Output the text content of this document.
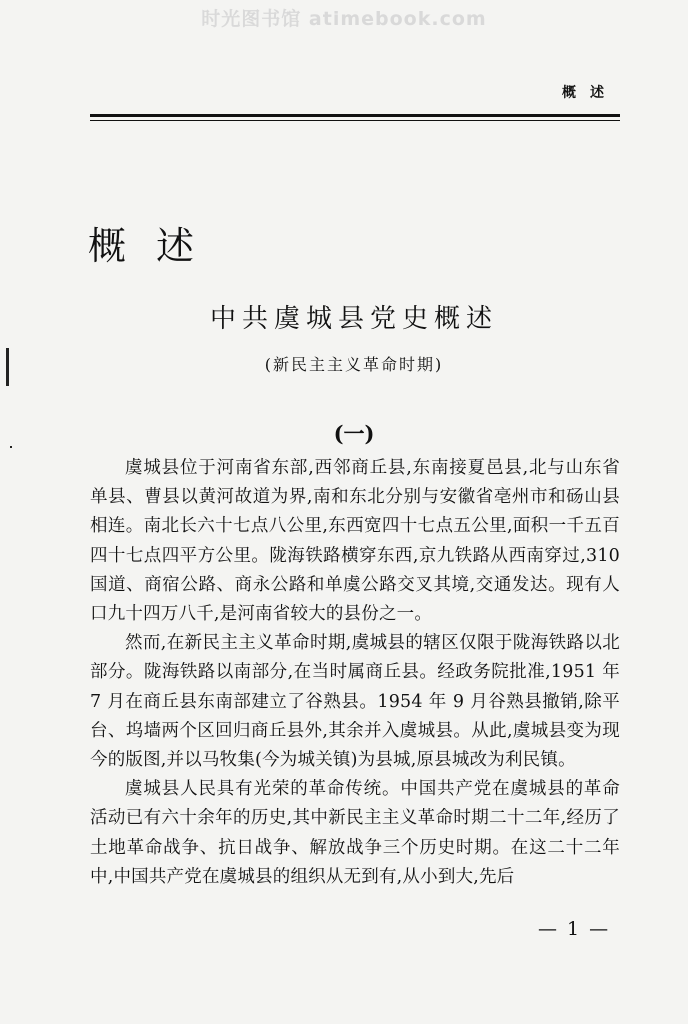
时光图书馆 atimebook.com
概述
概述
中共虞城县党史概述
(新民主主义革命时期)
(一)

虞城县位于河南省东部,西邻商丘县,东南接夏邑县,北与山东省单县、曹县以黄河故道为界,南和东北分别与安徽省亳州市和砀山县相连。南北长六十七点八公里,东西宽四十七点五公里,面积一千五百四十七点四平方公里。陇海铁路横穿东西,京九铁路从西南穿过,310国道、商宿公路、商永公路和单虞公路交叉其境,交通发达。现有人口九十四万八千,是河南省较大的县份之一。

然而,在新民主主义革命时期,虞城县的辖区仅限于陇海铁路以北部分。陇海铁路以南部分,在当时属商丘县。经政务院批准,1951 年 7 月在商丘县东南部建立了谷熟县。1954 年 9 月谷熟县撤销,除平台、坞墙两个区回归商丘县外,其余并入虞城县。从此,虞城县变为现今的版图,并以马牧集(今为城关镇)为县城,原县城改为利民镇。

虞城县人民具有光荣的革命传统。中国共产党在虞城县的革命活动已有六十余年的历史,其中新民主主义革命时期二十二年,经历了土地革命战争、抗日战争、解放战争三个历史时期。在这二十二年中,中国共产党在虞城县的组织从无到有,从小到大,先后

— 1 —
